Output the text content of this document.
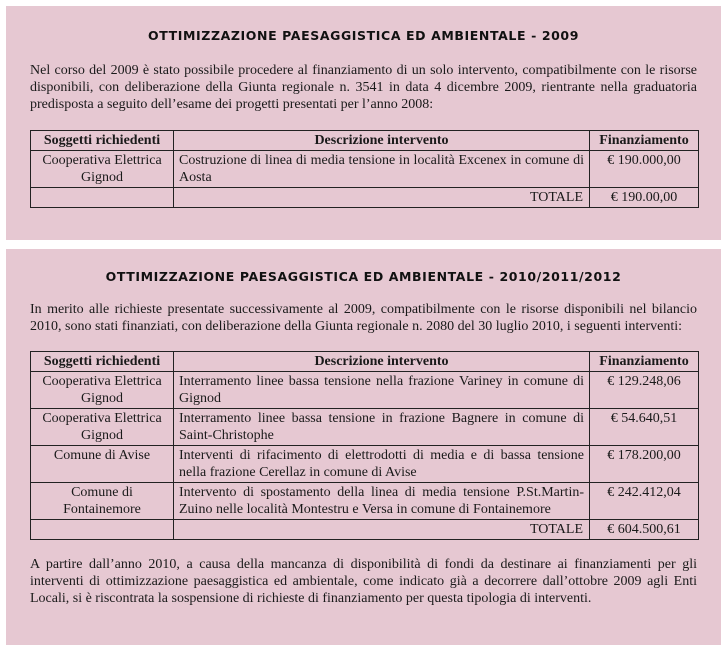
OTTIMIZZAZIONE PAESAGGISTICA ED AMBIENTALE - 2009

Nel corso del 2009 è stato possibile procedere al finanziamento di un solo intervento, compatibilmente con le risorse disponibili, con deliberazione della Giunta regionale n. 3541 in data 4 dicembre 2009, rientrante nella graduatoria predisposta a seguito dell’esame dei progetti presentati per l’anno 2008:

Soggetti richiedenti	Descrizione intervento	Finanziamento
Cooperativa Elettrica Gignod	Costruzione di linea di media tensione in località Excenex in comune di Aosta	€ 190.000,00
	TOTALE	€ 190.00,00
OTTIMIZZAZIONE PAESAGGISTICA ED AMBIENTALE - 2010/2011/2012

In merito alle richieste presentate successivamente al 2009, compatibilmente con le risorse disponibili nel bilancio 2010, sono stati finanziati, con deliberazione della Giunta regionale n. 2080 del 30 luglio 2010, i seguenti interventi:

Soggetti richiedenti	Descrizione intervento	Finanziamento
Cooperativa Elettrica Gignod	Interramento linee bassa tensione nella frazione Variney in comune di Gignod	€ 129.248,06
Cooperativa Elettrica Gignod	Interramento linee bassa tensione in frazione Bagnere in comune di Saint-Christophe	€ 54.640,51
Comune di Avise	Interventi di rifacimento di elettrodotti di media e di bassa tensione nella frazione Cerellaz in comune di Avise	€ 178.200,00
Comune di Fontainemore	Intervento di spostamento della linea di media tensione P.St.Martin-Zuino nelle località Montestru e Versa in comune di Fontainemore	€ 242.412,04
	TOTALE	€ 604.500,61

A partire dall’anno 2010, a causa della mancanza di disponibilità di fondi da destinare ai finanziamenti per gli interventi di ottimizzazione paesaggistica ed ambientale, come indicato già a decorrere dall’ottobre 2009 agli Enti Locali, si è riscontrata la sospensione di richieste di finanziamento per questa tipologia di interventi.
